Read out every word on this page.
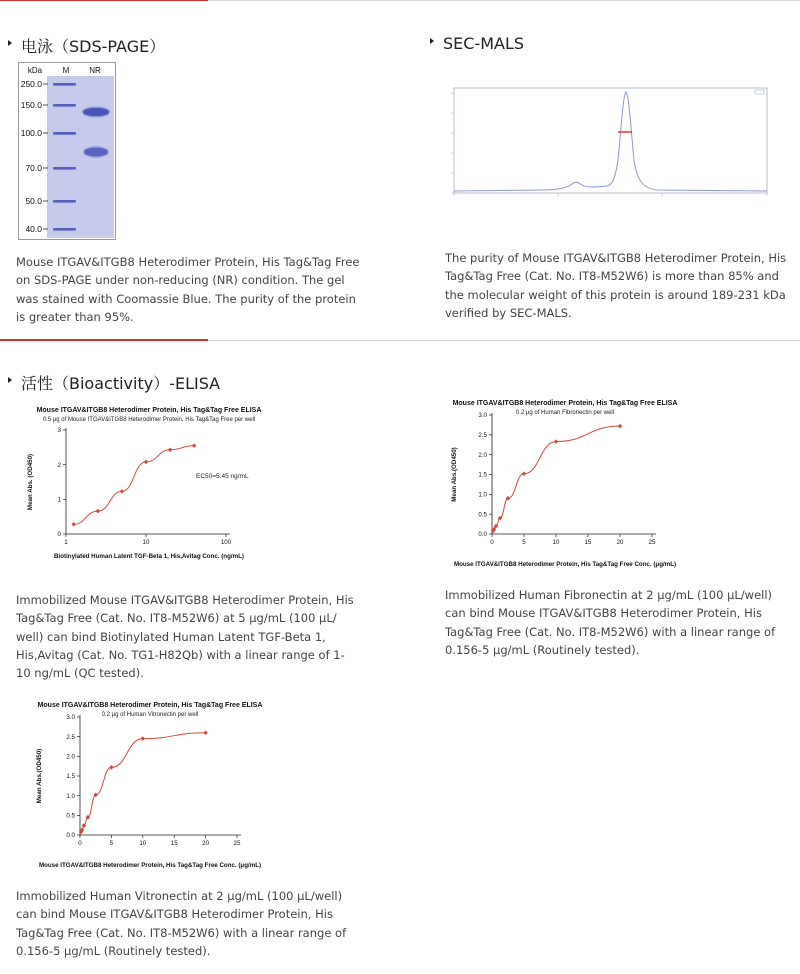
电泳（SDS-PAGE）
kDa	M NR
250.0
150.0
100.0
70.0
50.0
40.0

Mouse ITGAV&ITGB8 Heterodimer Protein, His Tag&Tag Free on SDS-PAGE under non-reducing (NR) condition. The gel was stained with Coomassie Blue. The purity of the protein is greater than 95%.

SEC-MALS

The purity of Mouse ITGAV&ITGB8 Heterodimer Protein, His Tag&Tag Free (Cat. No. IT8-M52W6) is more than 85% and the molecular weight of this protein is around 189-231 kDa verified by SEC-MALS.

活性（Bioactivity）-ELISA
Mouse ITGAV&ITGB8 Heterodimer Protein, His Tag&Tag Free ELISA
0.5 μg of Mouse ITGAV&ITGB8 Heterodimer Protein, His Tag&Tag Free per well
0
1
2
3
1	10	100
Biotinylated Human Latent TGF-Beta 1, His,Avitag Conc. (ng/mL)
Mean Abs. (OD450)	EC50=5.45 ng/mL

Immobilized Mouse ITGAV&ITGB8 Heterodimer Protein, His Tag&Tag Free (Cat. No. IT8-M52W6) at 5 μg/mL (100 μL/ well) can bind Biotinylated Human Latent TGF-Beta 1, His,Avitag (Cat. No. TG1-H82Qb) with a linear range of 1-10 ng/mL (QC tested).

Mouse ITGAV&ITGB8 Heterodimer Protein, His Tag&Tag Free ELISA
0.2 μg of Human Fibronectin per well
0.0
0.5
1.0
1.5
2.0
2.5
3.0
0	5	10	15	20	25
Mouse ITGAV&ITGB8 Heterodimer Protein, His Tag&Tag Free Conc. (μg/mL)
Mean Abs.(OD450)

Immobilized Human Fibronectin at 2 μg/mL (100 μL/well) can bind Mouse ITGAV&ITGB8 Heterodimer Protein, His Tag&Tag Free (Cat. No. IT8-M52W6) with a linear range of 0.156-5 μg/mL (Routinely tested).

Mouse ITGAV&ITGB8 Heterodimer Protein, His Tag&Tag Free ELISA
0.2 μg of Human Vitronectin per well
0.0
0.5
1.0
1.5
2.0
2.5
3.0
0	5	10	15	20	25
Mouse ITGAV&ITGB8 Heterodimer Protein, His Tag&Tag Free Conc. (μg/mL)
Mean Abs.(OD450)

Immobilized Human Vitronectin at 2 μg/mL (100 μL/well) can bind Mouse ITGAV&ITGB8 Heterodimer Protein, His Tag&Tag Free (Cat. No. IT8-M52W6) with a linear range of 0.156-5 μg/mL (Routinely tested).
